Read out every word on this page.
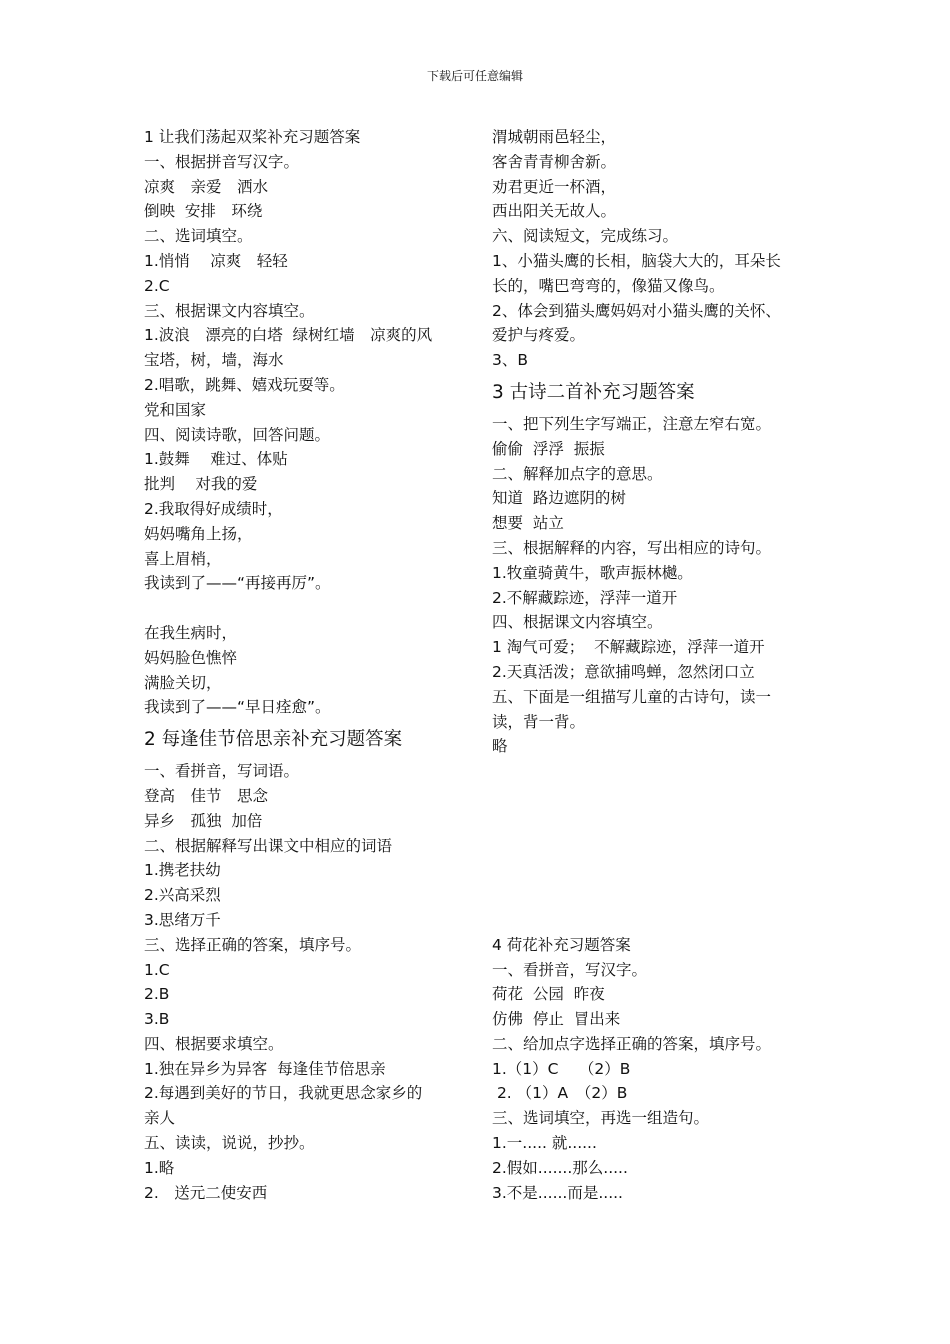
下载后可任意编辑
1 让我们荡起双桨补充习题答案
一、根据拼音写汉字。
凉爽　亲爱　洒水
倒映  安排　环绕
二、选词填空。
1.悄悄　 凉爽　轻轻
2.C
三、根据课文内容填空。
1.波浪　漂亮的白塔  绿树红墙　凉爽的风
宝塔，树，墙，海水
2.唱歌，跳舞、嬉戏玩耍等。
党和国家
四、阅读诗歌，回答问题。
1.鼓舞　 难过、体贴
批判　 对我的爱
2.我取得好成绩时，
妈妈嘴角上扬，
喜上眉梢，
我读到了——“再接再厉”。
在我生病时，
妈妈脸色憔悴
满脸关切，
我读到了——“早日痊愈”。
2 每逢佳节倍思亲补充习题答案
一、看拼音，写词语。
登高　佳节　思念
异乡　孤独  加倍
二、根据解释写出课文中相应的词语
1.携老扶幼
2.兴高采烈
3.思绪万千
三、选择正确的答案，填序号。
1.C
2.B
3.B
四、根据要求填空。
1.独在异乡为异客  每逢佳节倍思亲
2.每遇到美好的节日，我就更思念家乡的
亲人
五、读读，说说，抄抄。
1.略
2.　送元二使安西
渭城朝雨邑轻尘，
客舍青青柳舍新。
劝君更近一杯酒，
西出阳关无故人。
六、阅读短文，完成练习。
1、小猫头鹰的长相，脑袋大大的，耳朵长
长的，嘴巴弯弯的，像猫又像鸟。
2、体会到猫头鹰妈妈对小猫头鹰的关怀、
爱护与疼爱。
3、B
3 古诗二首补充习题答案
一、把下列生字写端正，注意左窄右宽。
偷偷  浮浮  振振
二、解释加点字的意思。
知道  路边遮阴的树
想要  站立
三、根据解释的内容，写出相应的诗句。
1.牧童骑黄牛，歌声振林樾。
2.不解藏踪迹，浮萍一道开
四、根据课文内容填空。
1 淘气可爱；  不解藏踪迹，浮萍一道开
2.天真活泼；意欲捕鸣蝉，忽然闭口立
五、下面是一组描写儿童的古诗句，读一
读，背一背。
略
4 荷花补充习题答案
一、看拼音，写汉字。
荷花  公园  昨夜
仿佛  停止  冒出来
二、给加点字选择正确的答案，填序号。
1.（1）C　 （2）B
2. （1）A　（2）B
三、选词填空，再选一组造句。
1.一..... 就......
2.假如.......那么.....
3.不是......而是.....
